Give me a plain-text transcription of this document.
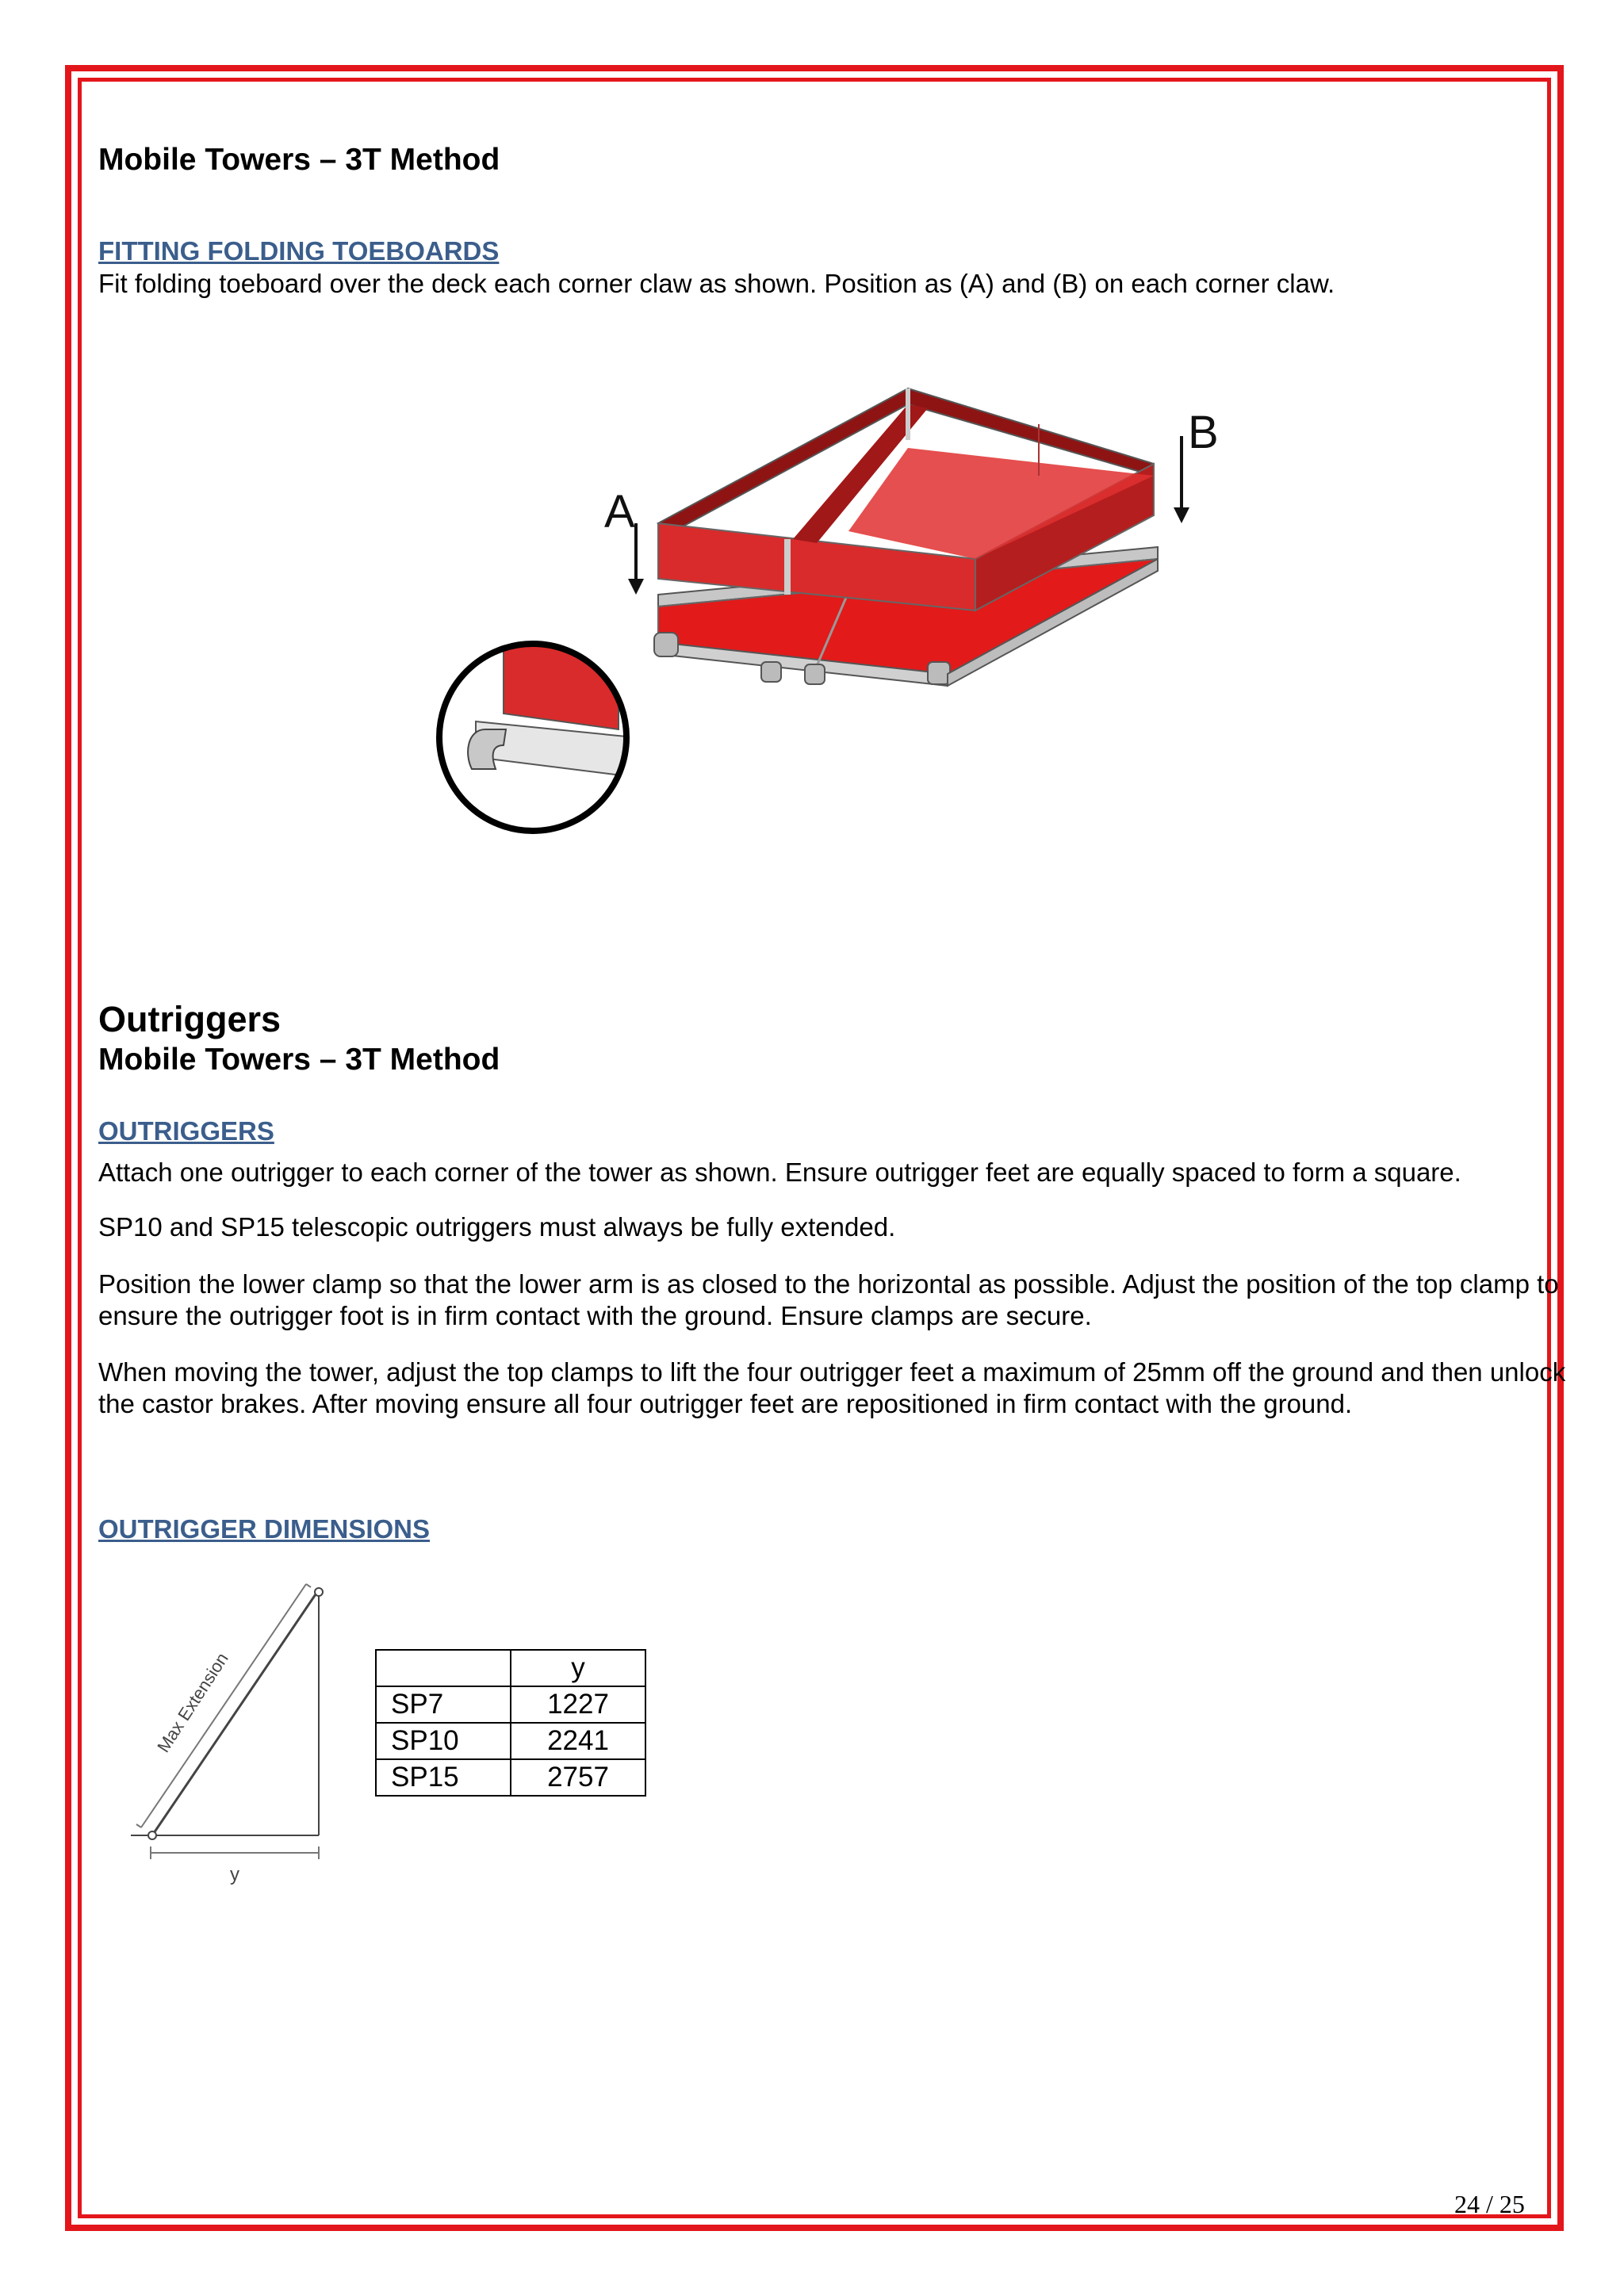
Mobile Towers – 3T Method
FITTING FOLDING TOEBOARDS
Fit folding toeboard over the deck each corner claw as shown. Position as (A) and (B) on each corner claw.
A
B
Outriggers
Mobile Towers – 3T Method
OUTRIGGERS
Attach one outrigger to each corner of the tower as shown. Ensure outrigger feet are equally spaced to form a square.
SP10 and SP15 telescopic outriggers must always be fully extended.
Position the lower clamp so that the lower arm is as closed to the horizontal as possible. Adjust the position of the top clamp to ensure the outrigger foot is in firm contact with the ground. Ensure clamps are secure.
When moving the tower, adjust the top clamps to lift the four outrigger feet a maximum of 25mm off the ground and then unlock the castor brakes. After moving ensure all four outrigger feet are repositioned in firm contact with the ground.
OUTRIGGER DIMENSIONS
Max Extension
y
	y
SP7	1227
SP10	2241
SP15	2757
24 / 25
